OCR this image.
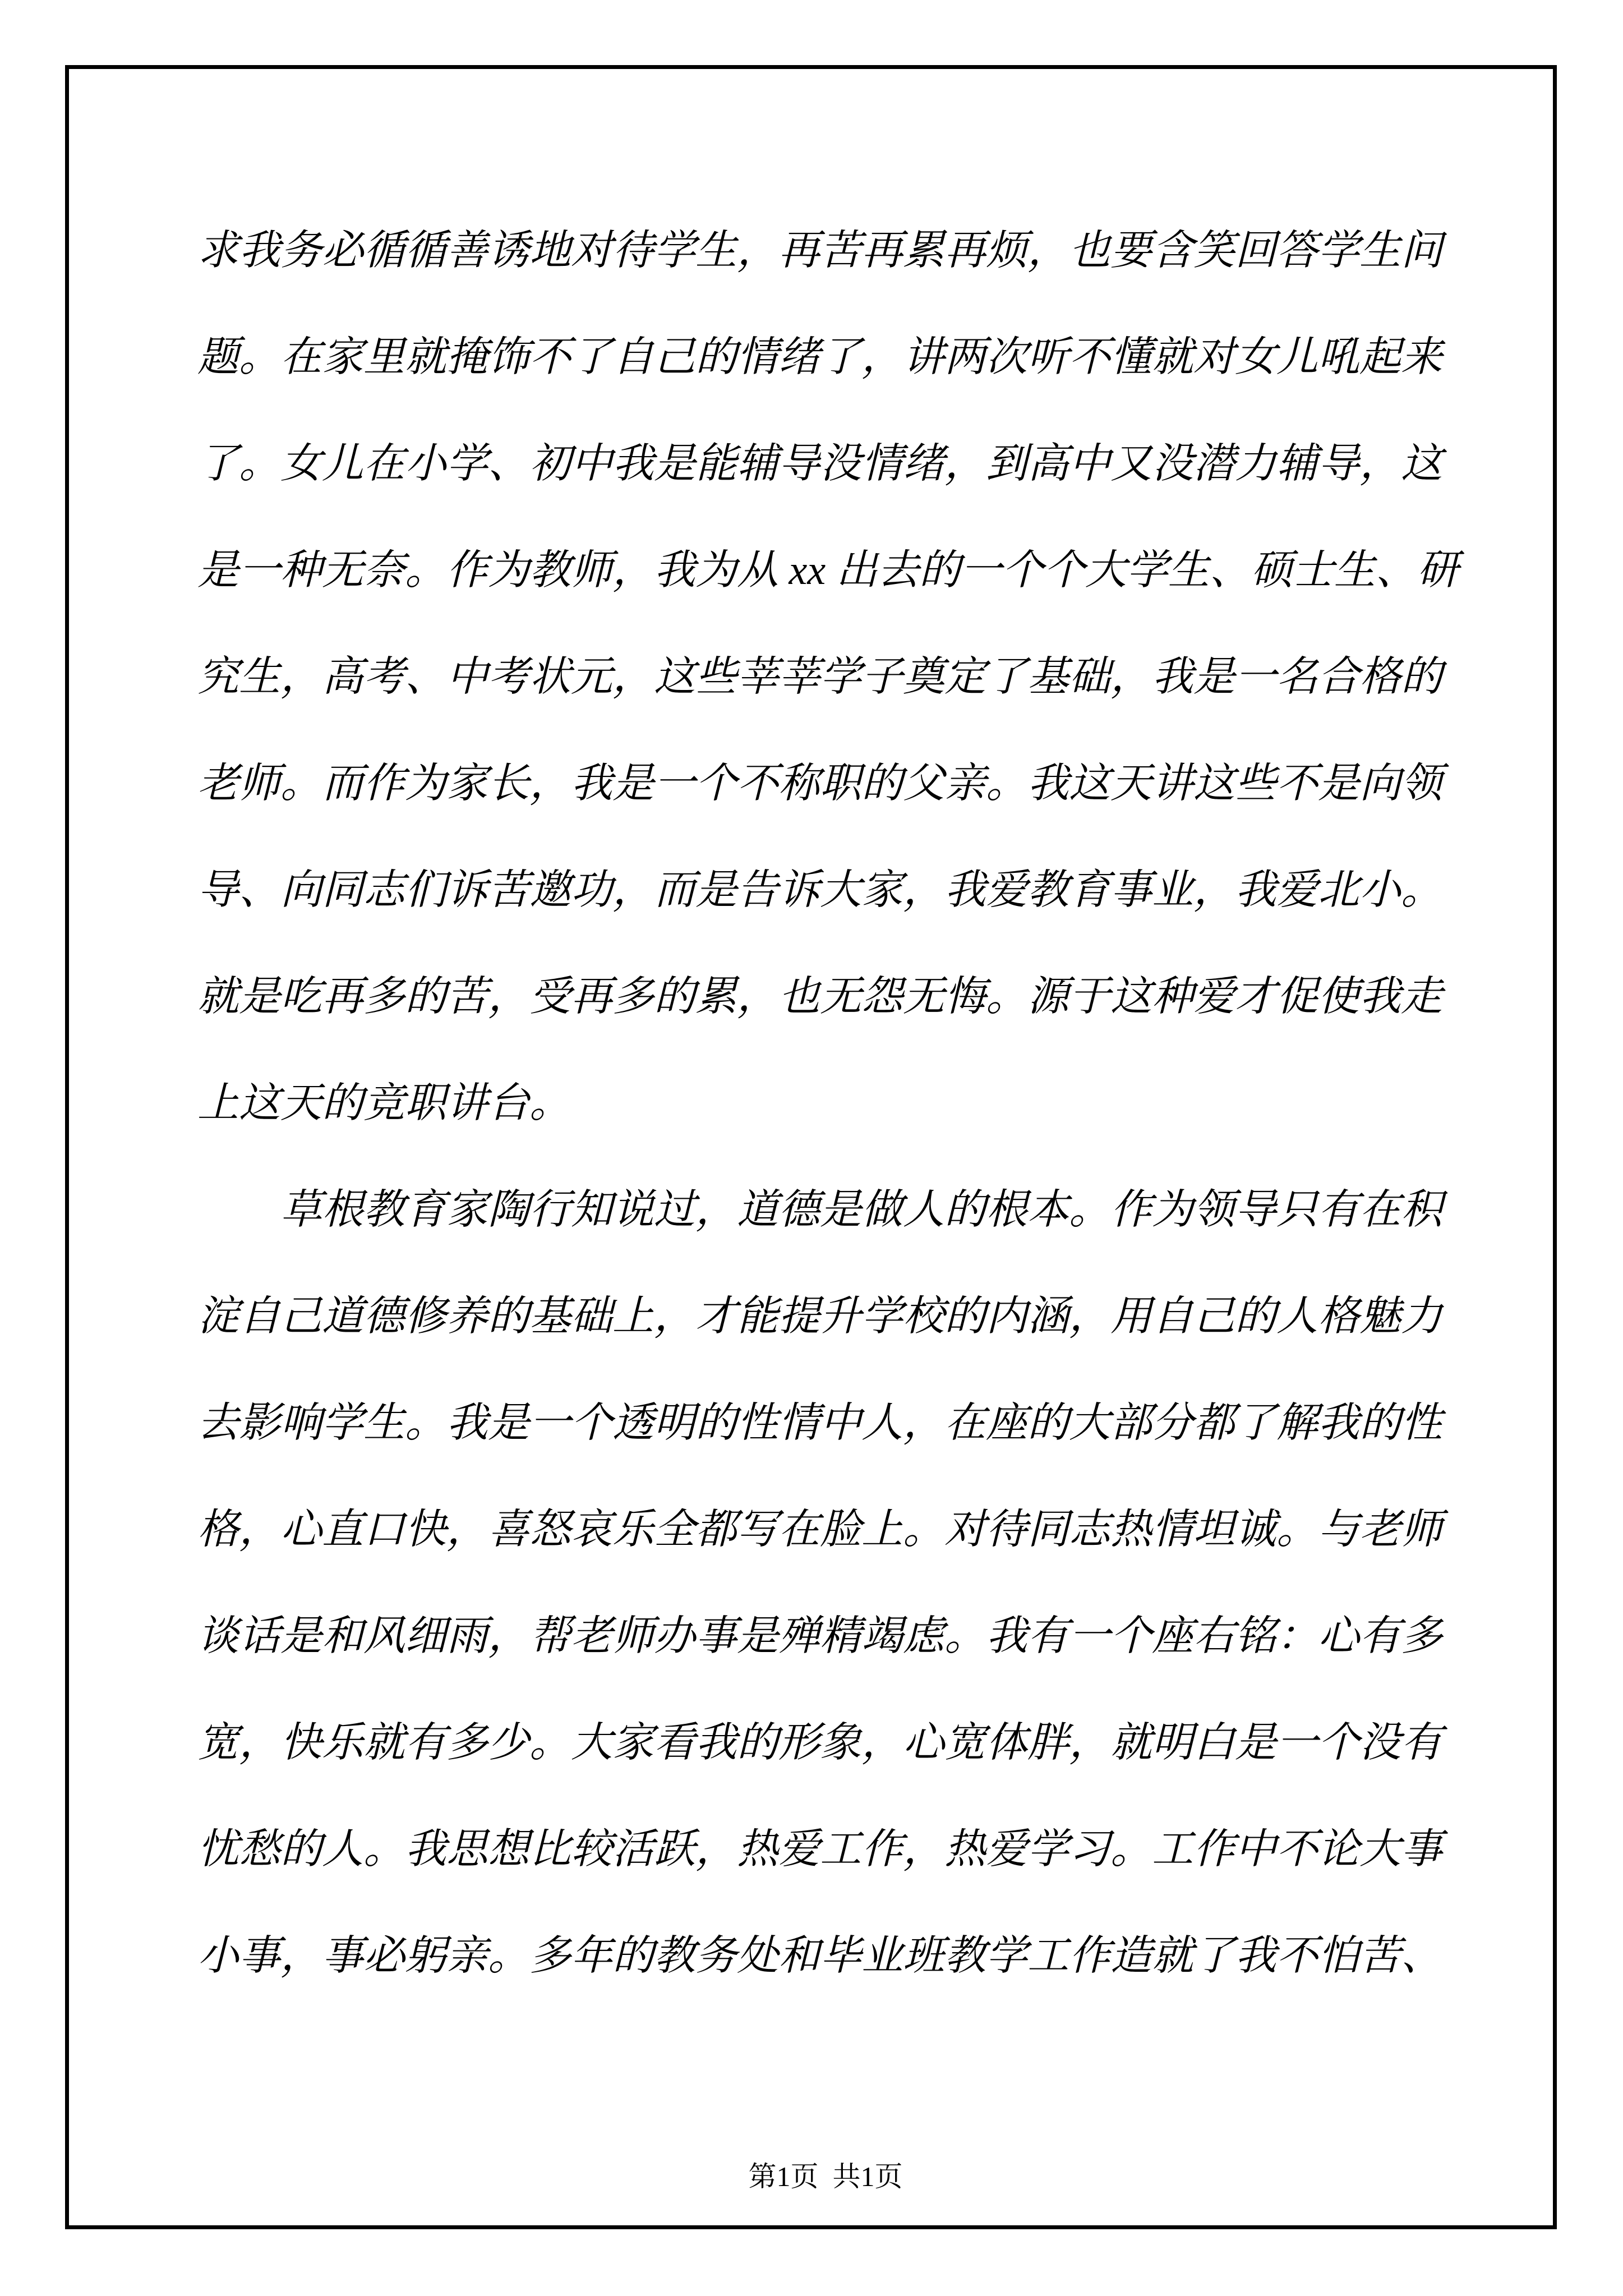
求我务必循循善诱地对待学生，再苦再累再烦，也要含笑回答学生问
题。在家里就掩饰不了自己的情绪了，讲两次听不懂就对女儿吼起来
了。女儿在小学、初中我是能辅导没情绪，到高中又没潜力辅导，这
是一种无奈。作为教师，我为从 xx 出去的一个个大学生、硕士生、研
究生，高考、中考状元，这些莘莘学子奠定了基础，我是一名合格的
老师。而作为家长，我是一个不称职的父亲。我这天讲这些不是向领
导、向同志们诉苦邀功，而是告诉大家，我爱教育事业，我爱北小。
就是吃再多的苦，受再多的累，也无怨无悔。源于这种爱才促使我走
上这天的竞职讲台。
　　草根教育家陶行知说过，道德是做人的根本。作为领导只有在积
淀自己道德修养的基础上，才能提升学校的内涵，用自己的人格魅力
去影响学生。我是一个透明的性情中人，在座的大部分都了解我的性
格，心直口快，喜怒哀乐全都写在脸上。对待同志热情坦诚。与老师
谈话是和风细雨，帮老师办事是殚精竭虑。我有一个座右铭：心有多
宽，快乐就有多少。大家看我的形象，心宽体胖，就明白是一个没有
忧愁的人。我思想比较活跃，热爱工作，热爱学习。工作中不论大事
小事，事必躬亲。多年的教务处和毕业班教学工作造就了我不怕苦、

第1页  共1页
